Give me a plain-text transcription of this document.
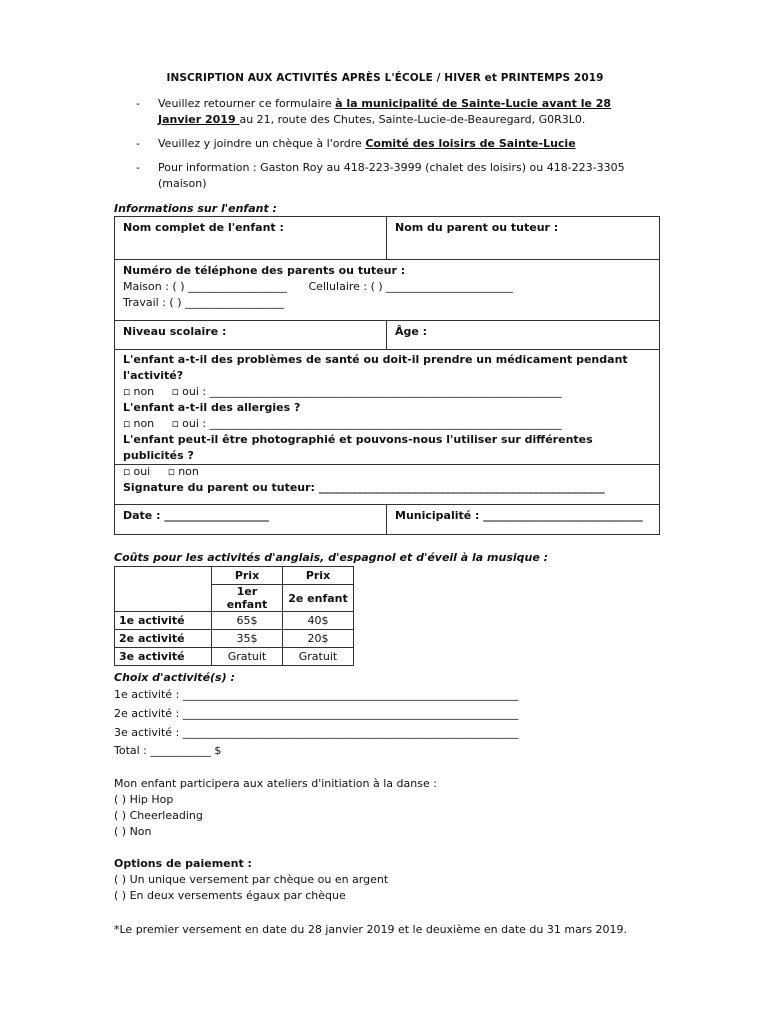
INSCRIPTION AUX ACTIVITÉS APRÈS L'ÉCOLE / HIVER et PRINTEMPS 2019
- Veuillez retourner ce formulaire à la municipalité de Sainte-Lucie avant le 28 Janvier 2019 au 21, route des Chutes, Sainte-Lucie-de-Beauregard, G0R3L0.
- Veuillez y joindre un chèque à l'ordre Comité des loisirs de Sainte-Lucie
- Pour information : Gaston Roy au 418-223-3999 (chalet des loisirs) ou 418-223-3305 (maison)
Informations sur l'enfant :
Nom complet de l'enfant :	Nom du parent ou tuteur :
Numéro de téléphone des parents ou tuteur :
Maison : ( ) __________________ Cellulaire : ( ) _______________________
Travail : ( ) __________________
Niveau scolaire :	Âge :
L'enfant a-t-il des problèmes de santé ou doit-il prendre un médicament pendant l'activité?
▫ non ▫ oui : ________________________________________________________________
L'enfant a-t-il des allergies ?
▫ non ▫ oui : ________________________________________________________________
L'enfant peut-il être photographié et pouvons-nous l'utiliser sur différentes publicités ?
▫ oui ▫ non
Signature du parent ou tuteur: ____________________________________________________
Date : ___________________	Municipalité : _____________________________
Coûts pour les activités d'anglais, d'espagnol et d'éveil à la musique :
	Prix	Prix
	1er enfant	2e enfant
1e activité	65$	40$
2e activité	35$	20$
3e activité	Gratuit	Gratuit
Choix d'activité(s) :
1e activité : _____________________________________________________________
2e activité : _____________________________________________________________
3e activité : _____________________________________________________________
Total : ___________ $
Mon enfant participera aux ateliers d'initiation à la danse :
( ) Hip Hop
( ) Cheerleading
( ) Non
Options de paiement :
( ) Un unique versement par chèque ou en argent
( ) En deux versements égaux par chèque
*Le premier versement en date du 28 janvier 2019 et le deuxième en date du 31 mars 2019.
